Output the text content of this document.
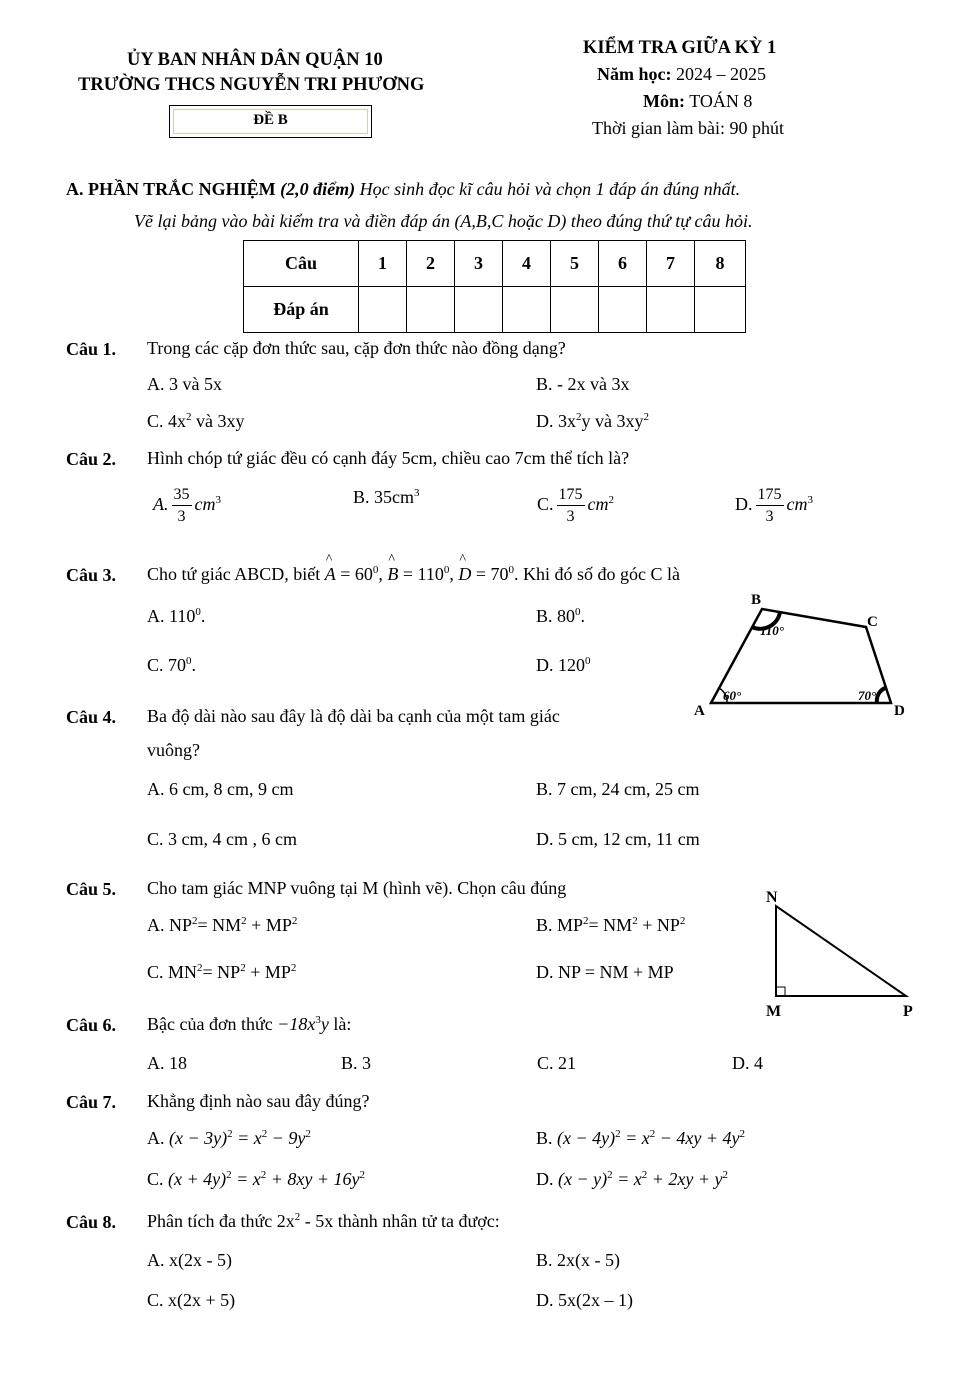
ỦY BAN NHÂN DÂN QUẬN 10
TRƯỜNG THCS NGUYỄN TRI PHƯƠNG
ĐỀ B
KIỂM TRA GIỮA KỲ 1
Năm học: 2024 – 2025
Môn: TOÁN 8
Thời gian làm bài: 90 phút
A. PHẦN TRẮC NGHIỆM (2,0 điểm) Học sinh đọc kĩ câu hỏi và chọn 1 đáp án đúng nhất.
Vẽ lại bảng vào bài kiểm tra và điền đáp án (A,B,C hoặc D) theo đúng thứ tự câu hỏi.
Câu	1	2	3	4	5	6	7	8
Đáp án								
Câu 1. Trong các cặp đơn thức sau, cặp đơn thức nào đồng dạng?
A. 3 và 5x	B. - 2x và 3x
C. $4x^2$ và 3xy	D. $3x^2y$ và $3xy^2$
Câu 2. Hình chóp tứ giác đều có cạnh đáy 5cm, chiều cao 7cm thể tích là?
A. $\frac{35}{3} cm^3$	B. $35cm^3$
C. $\frac{175}{3} cm^2$	D. $\frac{175}{3} cm^3$
Câu 3. Cho tứ giác ABCD, biết ^ $A = 60^0$, ^ $B = 110^0$, ^ $D = 70^0$. Khi đó số đo góc C là
A. $110^0$.	B. $80^0$.
C. $70^0$.	D. $120^0$
B
C
A	D
110°
60°	70°
Câu 4. Ba độ dài nào sau đây là độ dài ba cạnh của một tam giác
vuông?
A. 6 cm, 8 cm, 9 cm	B. 7 cm, 24 cm, 25 cm
C. 3 cm, 4 cm , 6 cm	D. 5 cm, 12 cm, 11 cm
Câu 5. Cho tam giác MNP vuông tại M (hình vẽ). Chọn câu đúng
A. $NP^2= NM^2 + MP^2$	B. $MP^2= NM^2 + NP^2$
C. $MN^2= NP^2 + MP^2$	D. NP = NM + MP
N
M	P
Câu 6. Bậc của đơn thức $-18x^3y$ là:
A. 18	B. 3	C. 21	D. 4
Câu 7. Khẳng định nào sau đây đúng?
A. $(x - 3y)^2 = x^2 - 9y^2$	B. $(x - 4y)^2 = x^2 - 4xy + 4y^2$
C. $(x + 4y)^2 = x^2 + 8xy + 16y^2$	D. $(x - y)^2 = x^2 + 2xy + y^2$
Câu 8. Phân tích đa thức $2x^2 - 5x$ thành nhân tử ta được:
A. x(2x - 5)	B. 2x(x - 5)
C. x(2x + 5)	D. 5x(2x – 1)
